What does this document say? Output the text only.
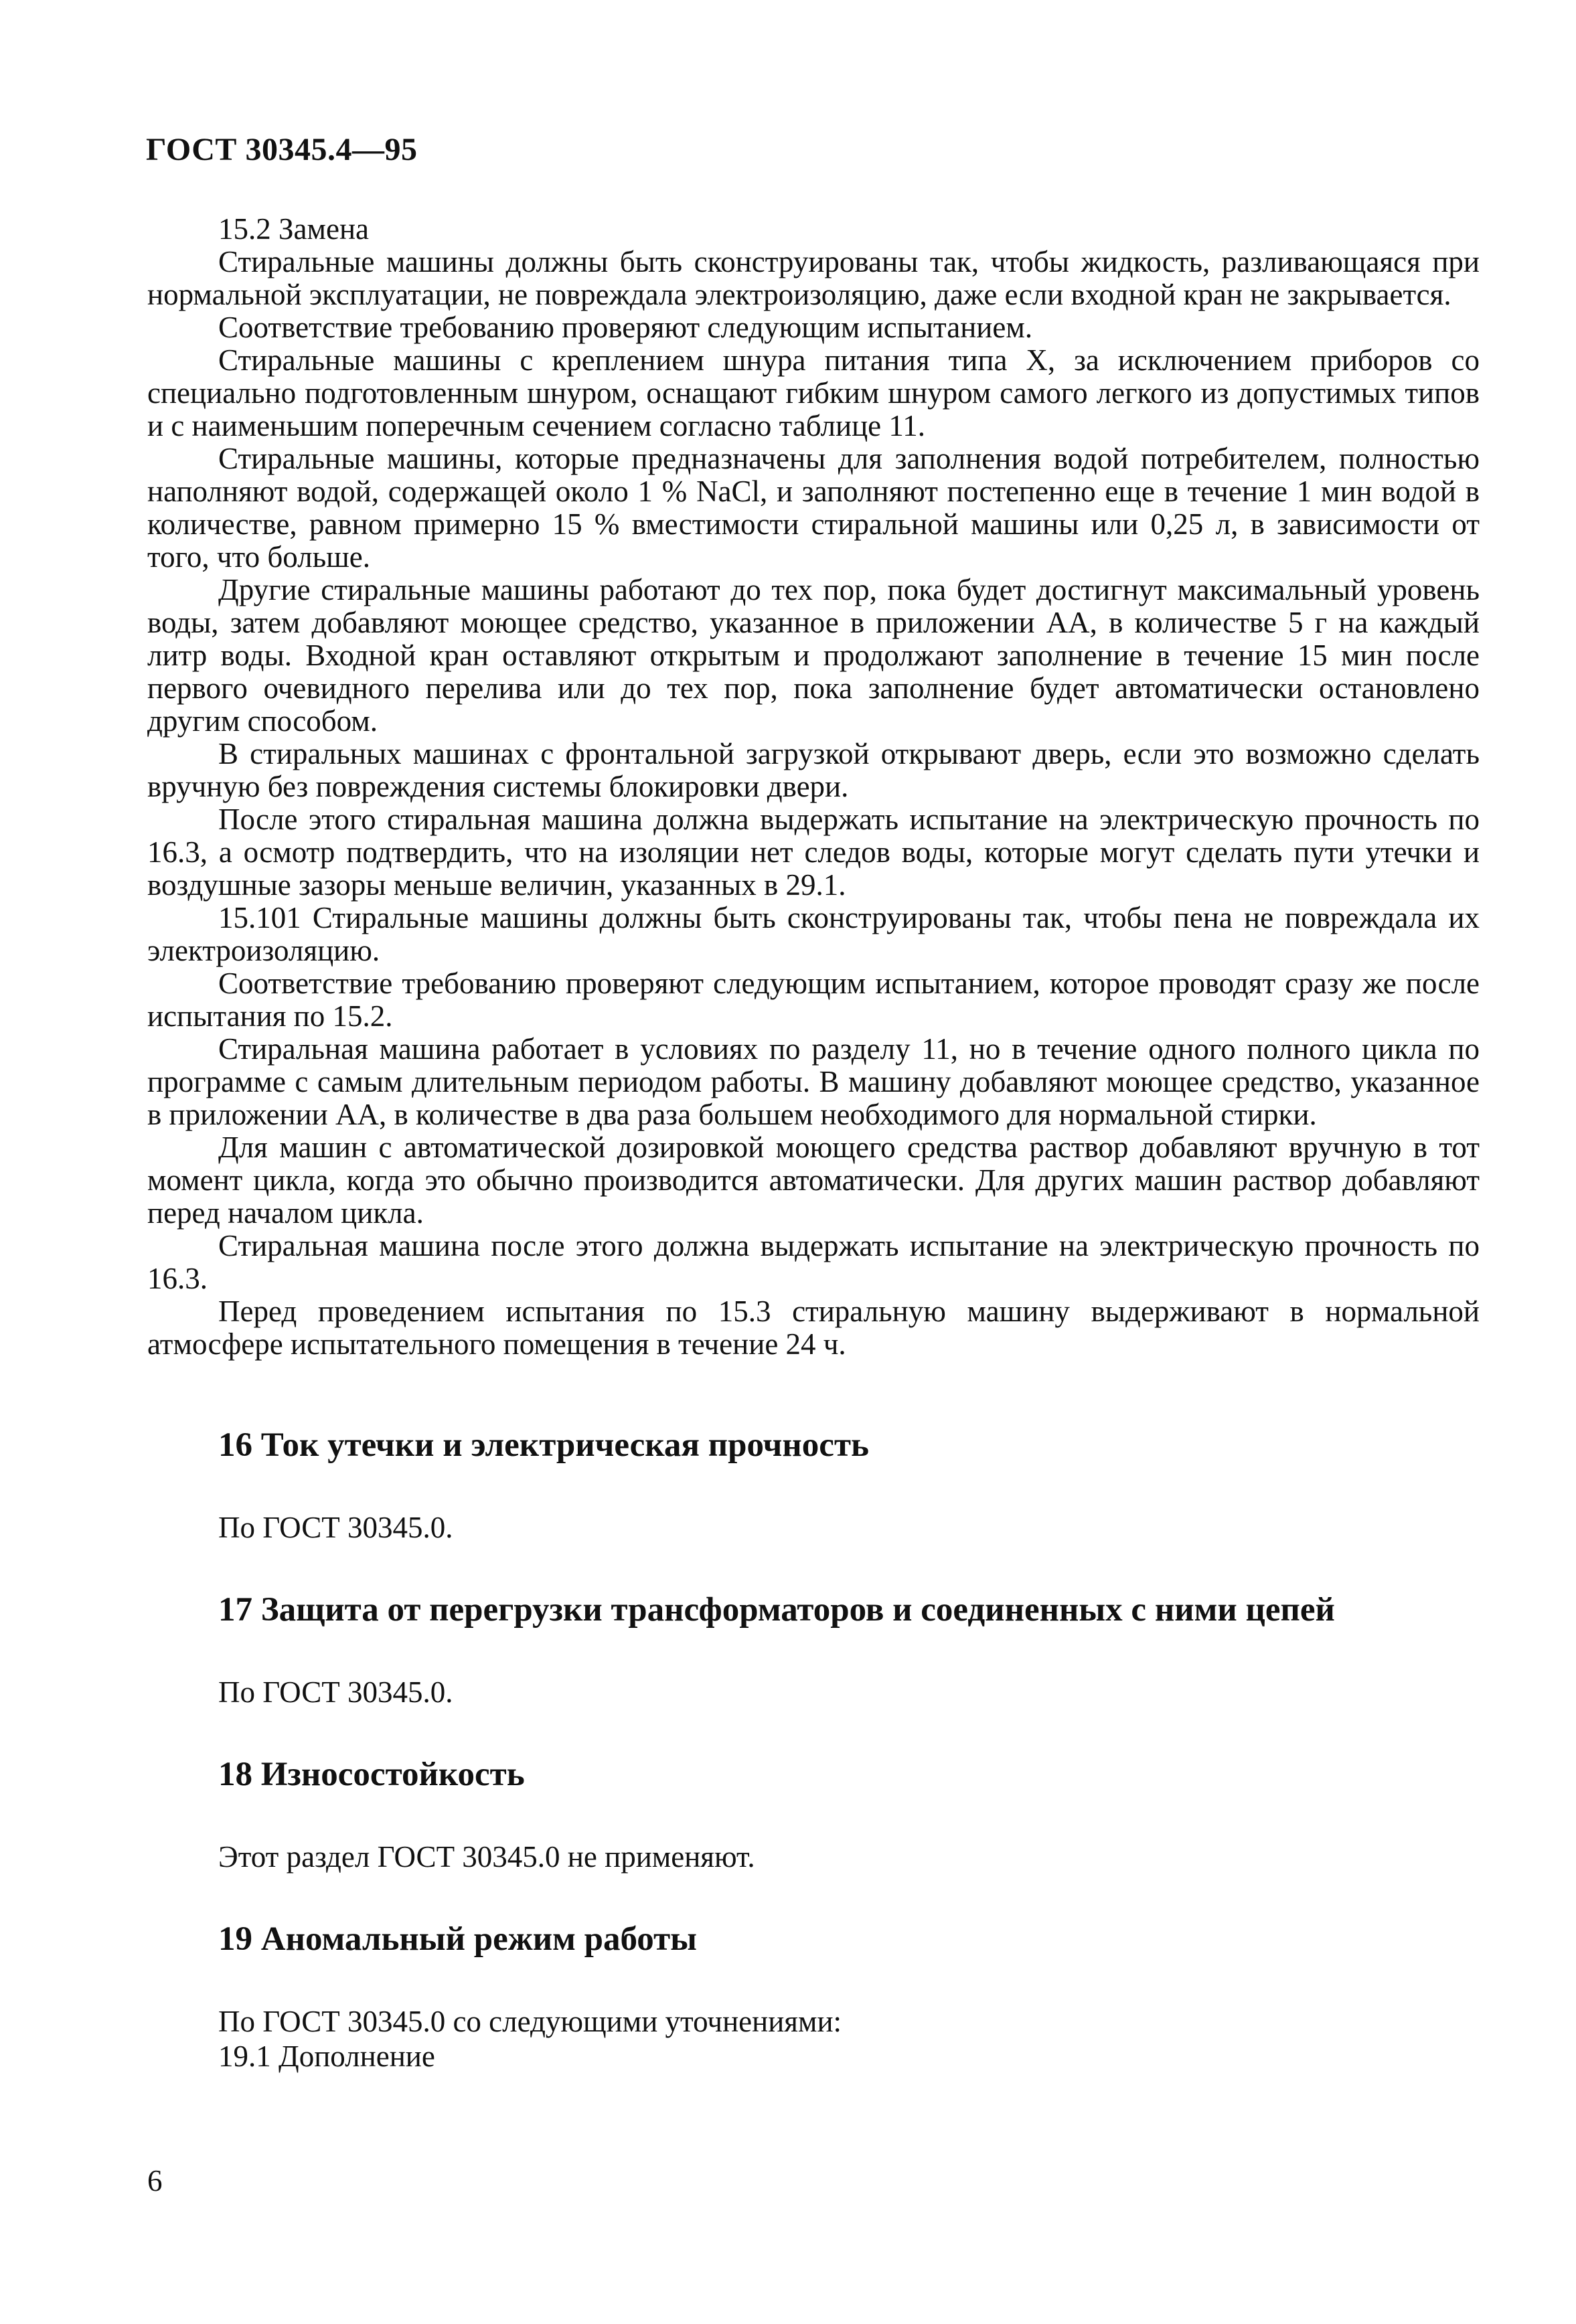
ГОСТ 30345.4—95

15.2 Замена

Стиральные машины должны быть сконструированы так, чтобы жидкость, разливающаяся при нормальной эксплуатации, не повреждала электроизоляцию, даже если входной кран не закрывается.

Соответствие требованию проверяют следующим испытанием.

Стиральные машины с креплением шнура питания типа X, за исключением приборов со специально подготовленным шнуром, оснащают гибким шнуром самого легкого из допустимых типов и с наименьшим поперечным сечением согласно таблице 11.

Стиральные машины, которые предназначены для заполнения водой потребителем, полностью наполняют водой, содержащей около 1 % NaCl, и заполняют постепенно еще в течение 1 мин водой в количестве, равном примерно 15 % вместимости стиральной машины или 0,25 л, в зависимости от того, что больше.

Другие стиральные машины работают до тех пор, пока будет достигнут максимальный уровень воды, затем добавляют моющее средство, указанное в приложении АА, в количестве 5 г на каждый литр воды. Входной кран оставляют открытым и продолжают заполнение в течение 15 мин после первого очевидного перелива или до тех пор, пока заполнение будет автоматически остановлено другим способом.

В стиральных машинах с фронтальной загрузкой открывают дверь, если это возможно сделать вручную без повреждения системы блокировки двери.

После этого стиральная машина должна выдержать испытание на электрическую прочность по 16.3, а осмотр подтвердить, что на изоляции нет следов воды, которые могут сделать пути утечки и воздушные зазоры меньше величин, указанных в 29.1.

15.101 Стиральные машины должны быть сконструированы так, чтобы пена не повреждала их электроизоляцию.

Соответствие требованию проверяют следующим испытанием, которое проводят сразу же после испытания по 15.2.

Стиральная машина работает в условиях по разделу 11, но в течение одного полного цикла по программе с самым длительным периодом работы. В машину добавляют моющее средство, указанное в приложении АА, в количестве в два раза большем необходимого для нормальной стирки.

Для машин с автоматической дозировкой моющего средства раствор добавляют вручную в тот момент цикла, когда это обычно производится автоматически. Для других машин раствор добавляют перед началом цикла.

Стиральная машина после этого должна выдержать испытание на электрическую прочность по 16.3.

Перед проведением испытания по 15.3 стиральную машину выдерживают в нормальной атмосфере испытательного помещения в течение 24 ч.

16 Ток утечки и электрическая прочность
По ГОСТ 30345.0.
17 Защита от перегрузки трансформаторов и соединенных с ними цепей
По ГОСТ 30345.0.
18 Износостойкость
Этот раздел ГОСТ 30345.0 не применяют.
19 Аномальный режим работы
По ГОСТ 30345.0 со следующими уточнениями:
19.1 Дополнение
6
